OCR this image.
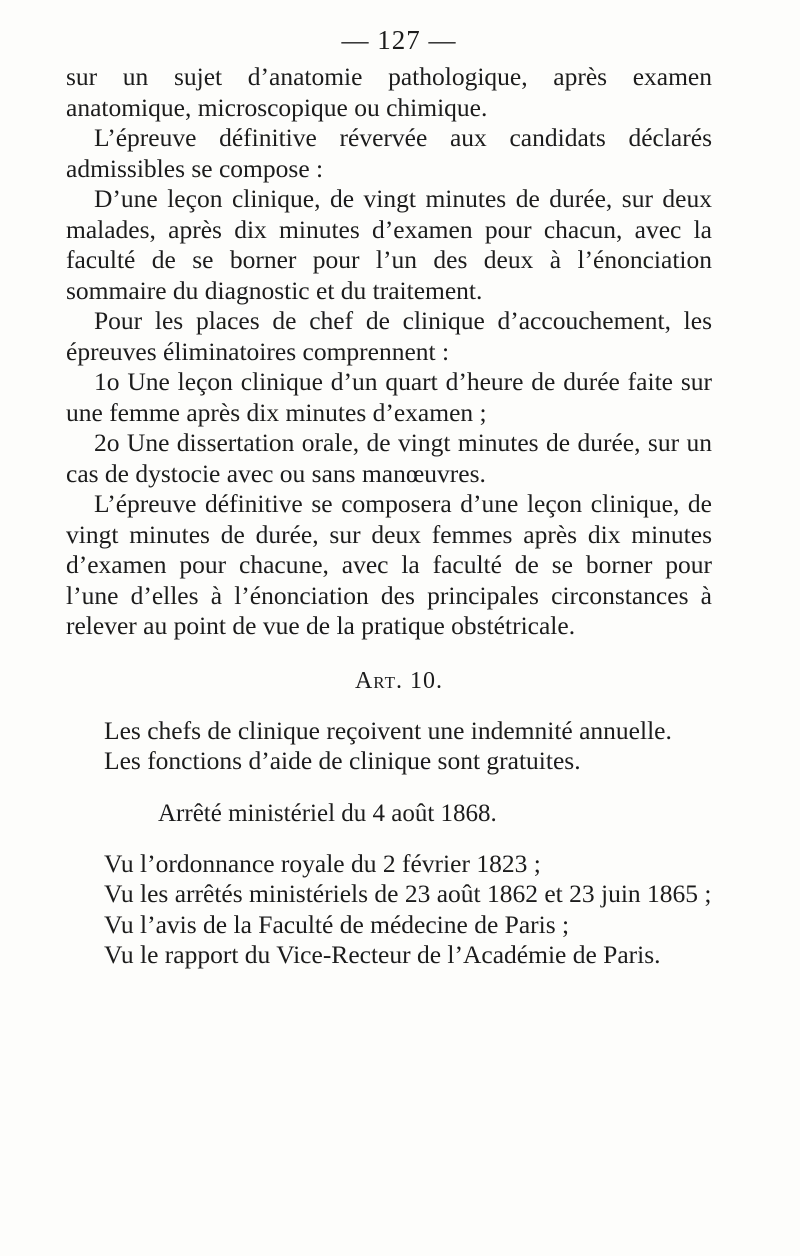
— 127 —

sur un sujet d’anatomie pathologique, après examen anatomique, microscopique ou chimique.

L’épreuve définitive révervée aux candidats déclarés admissibles se compose :

D’une leçon clinique, de vingt minutes de durée, sur deux malades, après dix minutes d’examen pour chacun, avec la faculté de se borner pour l’un des deux à l’énonciation sommaire du diagnostic et du traitement.

Pour les places de chef de clinique d’accouchement, les épreuves éliminatoires comprennent :

1o Une leçon clinique d’un quart d’heure de durée faite sur une femme après dix minutes d’examen ;

2o Une dissertation orale, de vingt minutes de durée, sur un cas de dystocie avec ou sans manœuvres.

L’épreuve définitive se composera d’une leçon clinique, de vingt minutes de durée, sur deux femmes après dix minutes d’examen pour chacune, avec la faculté de se borner pour l’une d’elles à l’énonciation des principales circonstances à relever au point de vue de la pratique obstétricale.

Art. 10.

Les chefs de clinique reçoivent une indemnité annuelle.

Les fonctions d’aide de clinique sont gratuites.

Arrêté ministériel du 4 août 1868.

Vu l’ordonnance royale du 2 février 1823 ;

Vu les arrêtés ministériels de 23 août 1862 et 23 juin 1865 ;

Vu l’avis de la Faculté de médecine de Paris ;

Vu le rapport du Vice-Recteur de l’Académie de Paris.
